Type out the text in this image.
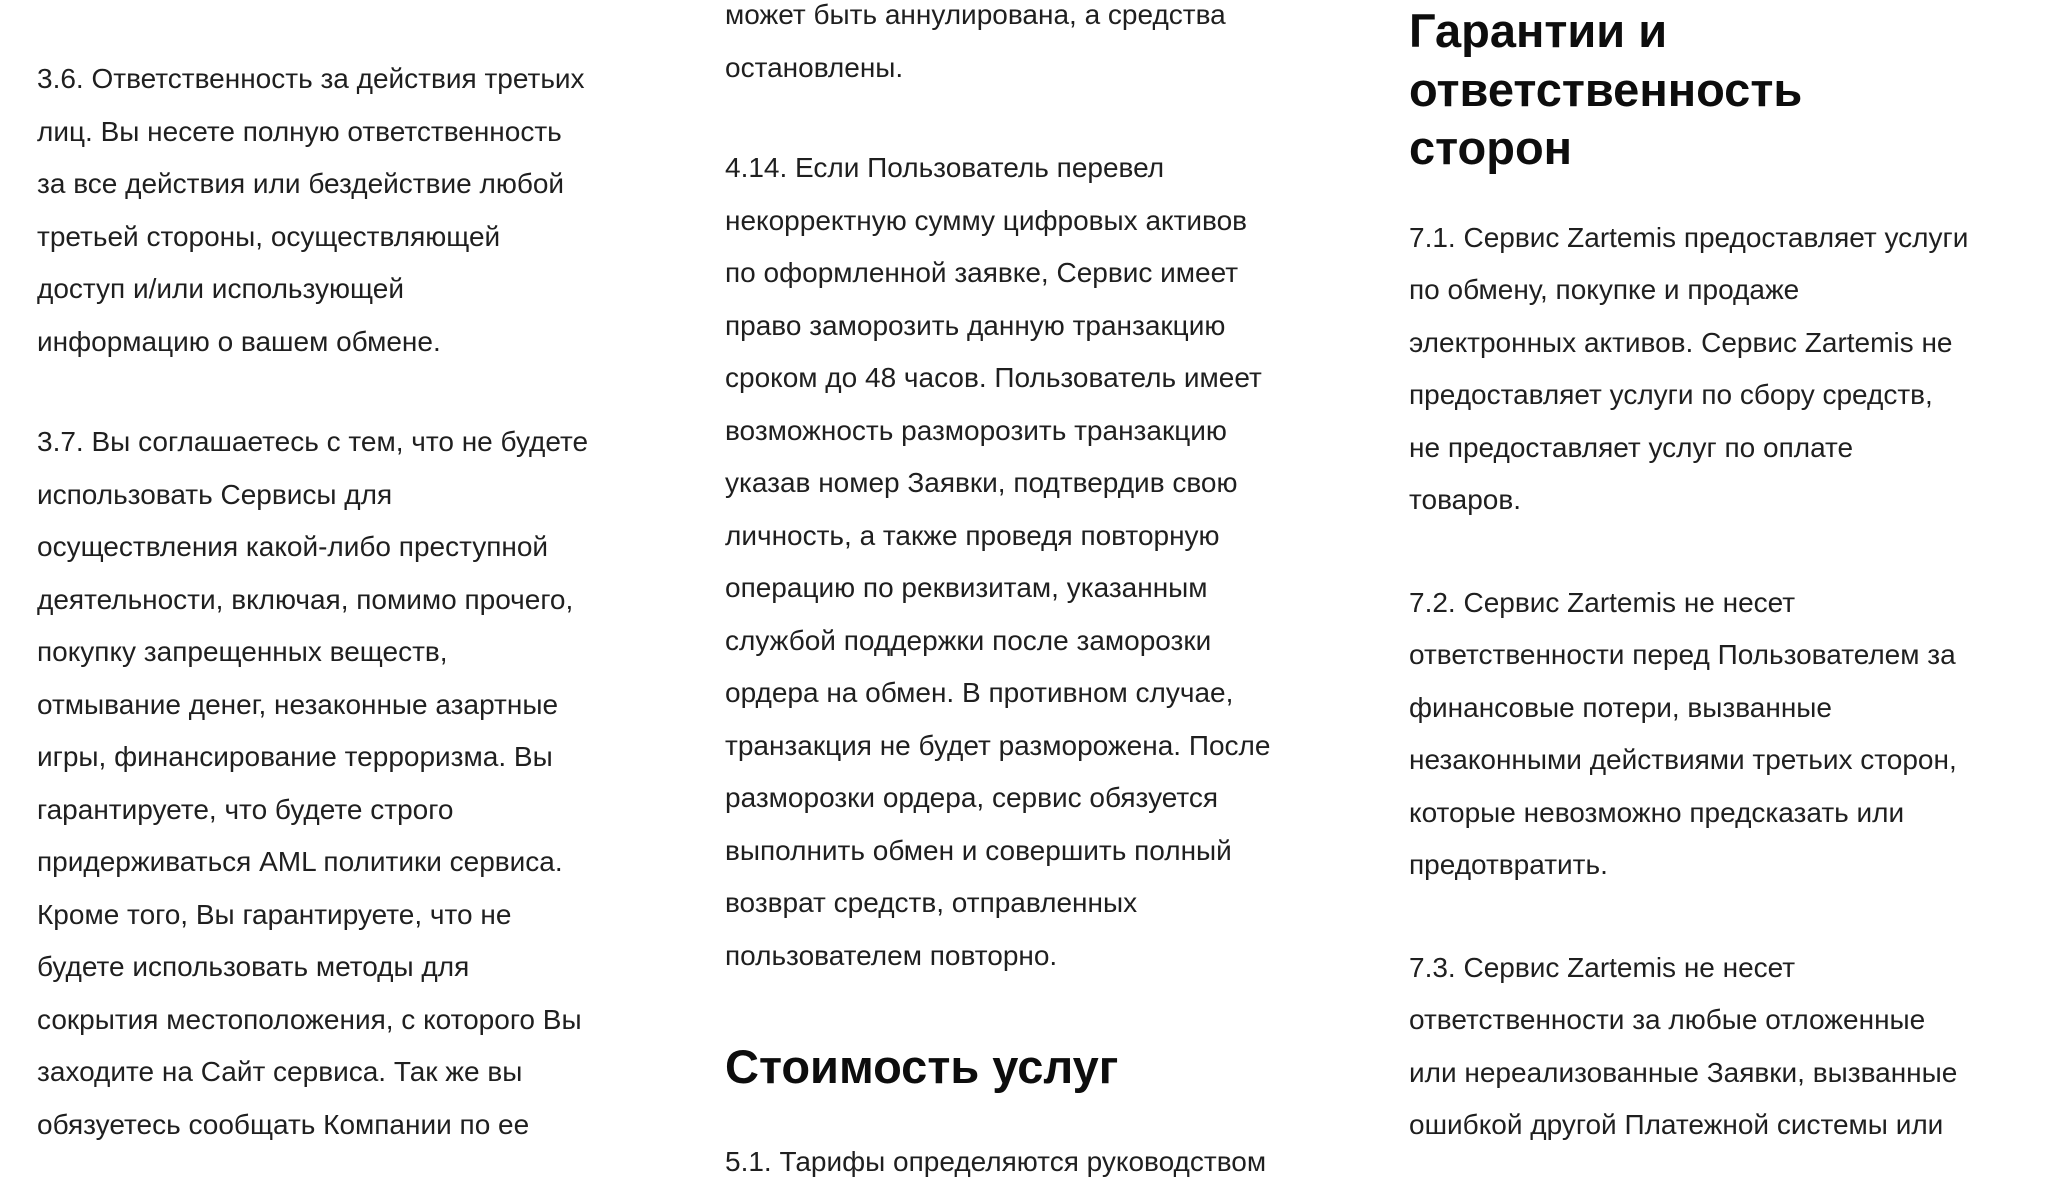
3.6. Ответственность за действия третьих
лиц. Вы несете полную ответственность
за все действия или бездействие любой
третьей стороны, осуществляющей
доступ и/или использующей
информацию о вашем обмене.

3.7. Вы соглашаетесь с тем, что не будете
использовать Сервисы для
осуществления какой-либо преступной
деятельности, включая, помимо прочего,
покупку запрещенных веществ,
отмывание денег, незаконные азартные
игры, финансирование терроризма. Вы
гарантируете, что будете строго
придерживаться AML политики сервиса.
Кроме того, Вы гарантируете, что не
будете использовать методы для
сокрытия местоположения, с которого Вы
заходите на Сайт сервиса. Так же вы
обязуетесь сообщать Компании по ее

может быть аннулирована, а средства
остановлены.

4.14. Если Пользователь перевел
некорректную сумму цифровых активов
по оформленной заявке, Сервис имеет
право заморозить данную транзакцию
сроком до 48 часов. Пользователь имеет
возможность разморозить транзакцию
указав номер Заявки, подтвердив свою
личность, а также проведя повторную
операцию по реквизитам, указанным
службой поддержки после заморозки
ордера на обмен. В противном случае,
транзакция не будет разморожена. После
разморозки ордера, сервис обязуется
выполнить обмен и совершить полный
возврат средств, отправленных
пользователем повторно.

Стоимость услуг

5.1. Тарифы определяются руководством

Гарантии и
ответственность
сторон

7.1. Сервис Zartemis предоставляет услуги
по обмену, покупке и продаже
электронных активов. Сервис Zartemis не
предоставляет услуги по сбору средств,
не предоставляет услуг по оплате
товаров.

7.2. Сервис Zartemis не несет
ответственности перед Пользователем за
финансовые потери, вызванные
незаконными действиями третьих сторон,
которые невозможно предсказать или
предотвратить.

7.3. Сервис Zartemis не несет
ответственности за любые отложенные
или нереализованные Заявки, вызванные
ошибкой другой Платежной системы или
